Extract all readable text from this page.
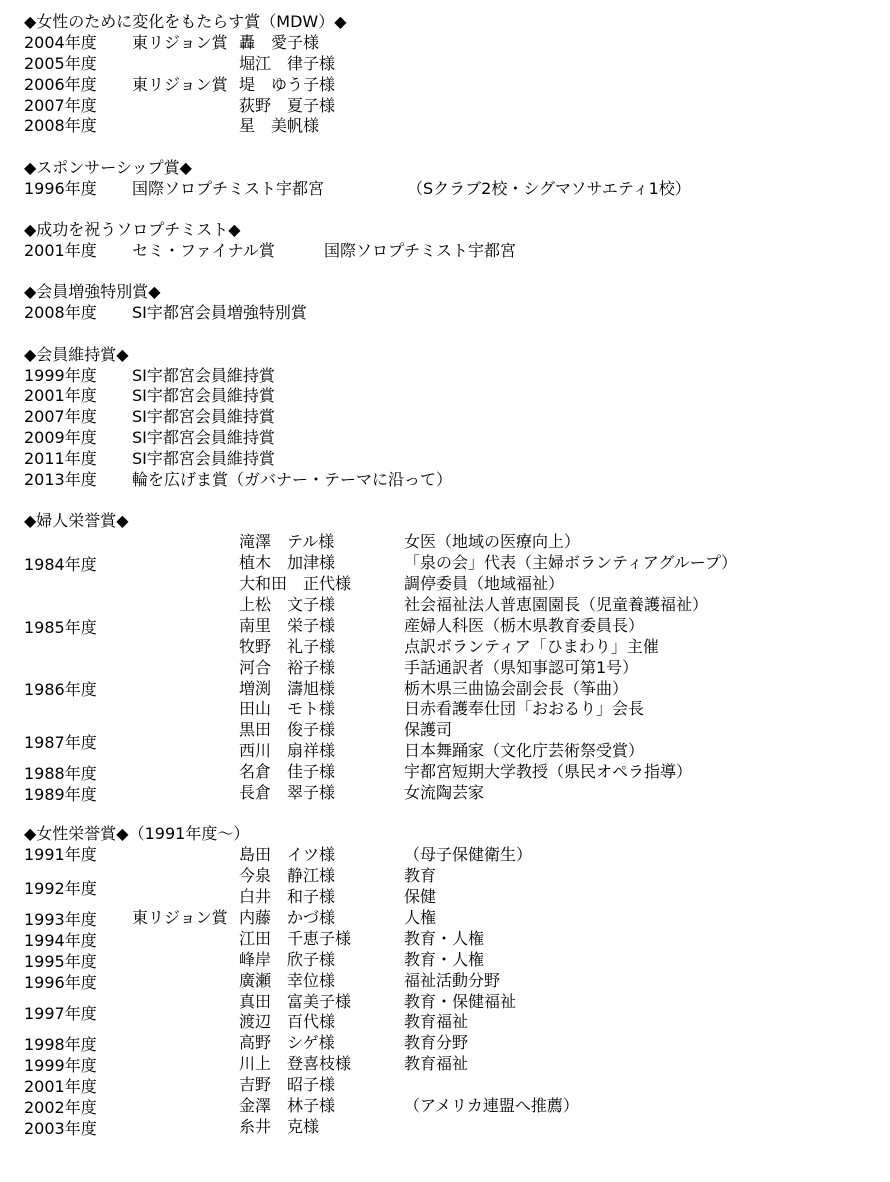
◆女性のために変化をもたらす賞（MDW）◆
2004年度 東リジョン賞 轟　愛子様
2005年度	堀江　律子様
2006年度 東リジョン賞 堤　ゆう子様
2007年度	荻野　夏子様
2008年度	星　美帆様
◆スポンサーシップ賞◆
1996年度 国際ソロプチミスト宇都宮	（Sクラブ2校・シグマソサエティ1校）
◆成功を祝うソロプチミスト◆
2001年度 セミ・ファイナル賞	国際ソロプチミスト宇都宮
◆会員増強特別賞◆
2008年度 SI宇都宮会員増強特別賞
◆会員維持賞◆
1999年度 SI宇都宮会員維持賞
2001年度 SI宇都宮会員維持賞
2007年度 SI宇都宮会員維持賞
2009年度 SI宇都宮会員維持賞
2011年度 SI宇都宮会員維持賞
2013年度 輪を広げま賞（ガバナー・テーマに沿って）
◆婦人栄誉賞◆
1984年度
滝澤　テル様	女医（地域の医療向上）
植木　加津様	「泉の会」代表（主婦ボランティアグループ）
大和田　正代様	調停委員（地域福祉）
1985年度
上松　文子様	社会福祉法人普恵園園長（児童養護福祉）
南里　栄子様	産婦人科医（栃木県教育委員長）
牧野　礼子様	点訳ボランティア「ひまわり」主催
1986年度
河合　裕子様	手話通訳者（県知事認可第1号）
増渕　濤旭様	栃木県三曲協会副会長（筝曲）
田山　モト様	日赤看護奉仕団「おおるり」会長
1987年度
黒田　俊子様	保護司
西川　扇祥様	日本舞踊家（文化庁芸術祭受賞）
1988年度	名倉　佳子様	宇都宮短期大学教授（県民オペラ指導）
1989年度	長倉　翠子様	女流陶芸家
◆女性栄誉賞◆（1991年度～）
1991年度	島田　イツ様	（母子保健衛生）
1992年度
今泉　静江様	教育
白井　和子様	保健
1993年度 東リジョン賞 内藤　かづ様	人権
1994年度	江田　千恵子様	教育・人権
1995年度	峰岸　欣子様	教育・人権
1996年度	廣瀬　幸位様	福祉活動分野
1997年度
真田　富美子様	教育・保健福祉
渡辺　百代様	教育福祉
1998年度	高野　シゲ様	教育分野
1999年度	川上　登喜枝様	教育福祉
2001年度	吉野　昭子様
2002年度	金澤　林子様	（アメリカ連盟へ推薦）
2003年度	糸井　克様
